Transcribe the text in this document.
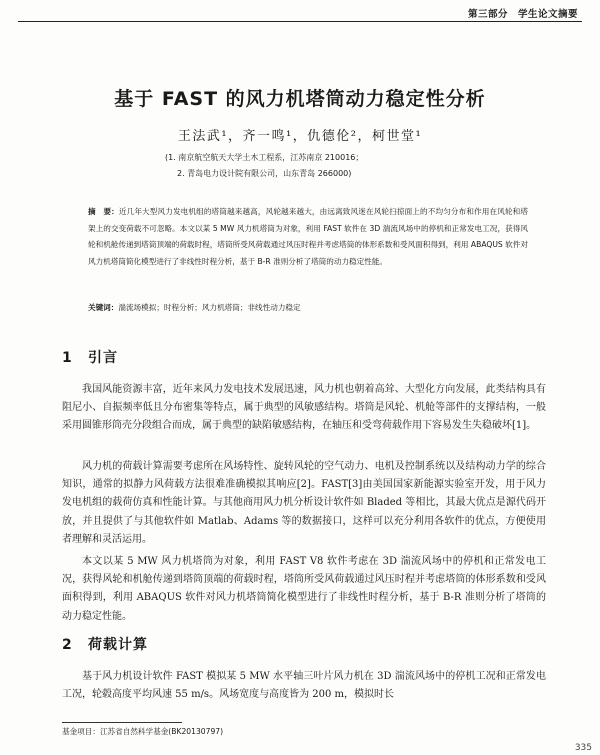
第三部分　学生论文摘要
基于 FAST 的风力机塔筒动力稳定性分析
王法武¹，齐一鸣¹，仇德伦²，柯世堂¹
(1. 南京航空航天大学土木工程系，江苏南京 210016；
2. 青岛电力设计院有限公司，山东青岛 266000)
摘　要：近几年大型风力发电机组的塔筒越来越高，风轮越来越大，由远离致风迷在风轮扫掠面上的不均匀分布和作用在风轮和塔架上的交变荷载不可忽略。本文以某 5 MW 风力机塔筒为对象，利用 FAST 软件在 3D 湍流风场中的停机和正常发电工况，获得风轮和机舱传递到塔筒顶端的荷载时程，塔筒所受风荷载通过风压时程并考虑塔筒的体形系数和受风面积得到，利用 ABAQUS 软件对风力机塔筒简化模型进行了非线性时程分析，基于 B-R 准则分析了塔筒的动力稳定性能。
关键词：湍流场模拟；时程分析；风力机塔筒；非线性动力稳定
1 引言
我国风能资源丰富，近年来风力发电技术发展迅速，风力机也朝着高耸、大型化方向发展，此类结构具有阻尼小、自振频率低且分布密集等特点，属于典型的风敏感结构。塔筒是风轮、机舱等部件的支撑结构，一般采用圆锥形筒壳分段组合而成，属于典型的缺陷敏感结构，在轴压和受弯荷载作用下容易发生失稳破坏[1]。
风力机的荷载计算需要考虑所在风场特性、旋转风轮的空气动力、电机及控制系统以及结构动力学的综合知识，通常的拟静力风荷载方法很难准确模拟其响应[2]。FAST[3]由美国国家新能源实验室开发，用于风力发电机组的载荷仿真和性能计算。与其他商用风力机分析设计软件如 Bladed 等相比，其最大优点是源代码开放，并且提供了与其他软件如 Matlab、Adams 等的数据接口，这样可以充分利用各软件的优点，方便使用者理解和灵活运用。
本文以某 5 MW 风力机塔筒为对象，利用 FAST V8 软件考虑在 3D 湍流风场中的停机和正常发电工况，获得风轮和机舱传递到塔筒顶端的荷载时程，塔筒所受风荷载通过风压时程并考虑塔筒的体形系数和受风面积得到，利用 ABAQUS 软件对风力机塔筒简化模型进行了非线性时程分析，基于 B-R 准则分析了塔筒的动力稳定性能。
2 荷载计算
基于风力机设计软件 FAST 模拟某 5 MW 水平轴三叶片风力机在 3D 湍流风场中的停机工况和正常发电工况，轮毂高度平均风速 55 m/s。风场宽度与高度皆为 200 m，模拟时长
基金项目：江苏省自然科学基金(BK20130797)
335
